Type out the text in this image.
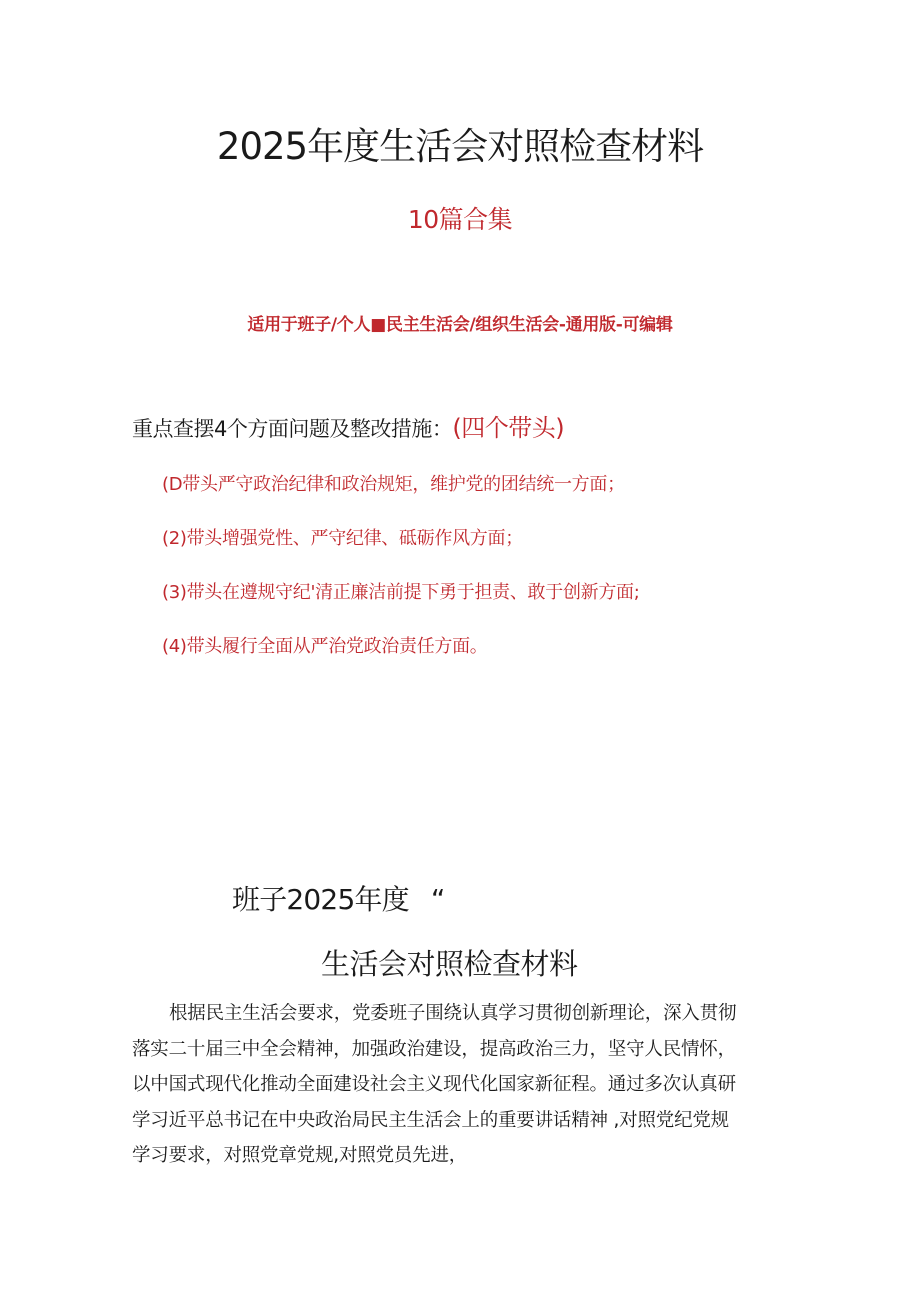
2025年度生活会对照检查材料
10篇合集
适用于班子/个人■民主生活会/组织生活会-通用版-可编辑
重点查摆4个方面问题及整改措施：(四个带头)
(D带头严守政治纪律和政治规矩，维护党的团结统一方面；
(2)带头增强党性、严守纪律、砥砺作风方面；
(3)带头在遵规守纪'清正廉洁前提下勇于担责、敢于创新方面;
(4)带头履行全面从严治党政治责任方面。
班子2025年度 “
生活会对照检查材料
根据民主生活会要求，党委班子围绕认真学习贯彻创新理论，深入贯彻
落实二十届三中全会精神，加强政治建设，提高政治三力，坚守人民情怀，
以中国式现代化推动全面建设社会主义现代化国家新征程。通过多次认真研
学习近平总书记在中央政治局民主生活会上的重要讲话精神 ,对照党纪党规
学习要求，对照党章党规,对照党员先进，
